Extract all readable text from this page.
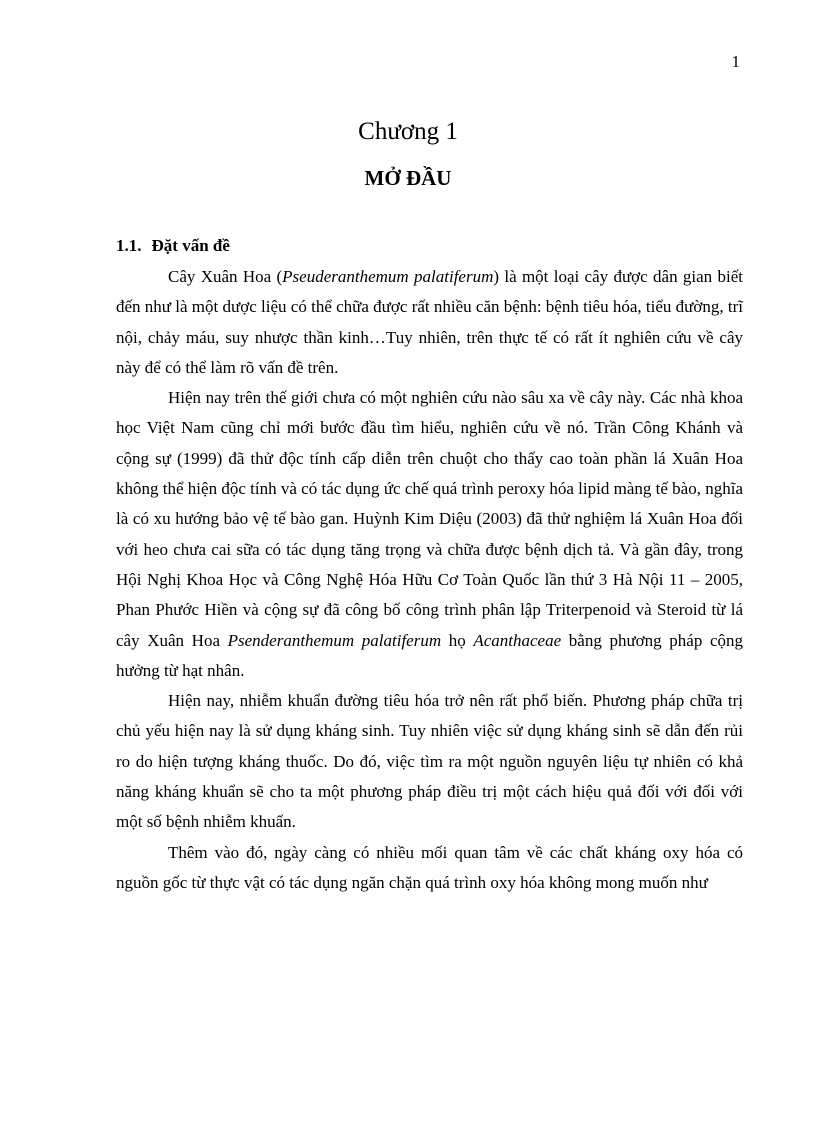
1
Chương 1
MỞ ĐẦU
1.1. Đặt vấn đề

Cây Xuân Hoa (Pseuderanthemum palatiferum) là một loại cây được dân gian biết đến như là một dược liệu có thể chữa được rất nhiều căn bệnh: bệnh tiêu hóa, tiểu đường, trĩ nội, chảy máu, suy nhược thần kinh…Tuy nhiên, trên thực tế có rất ít nghiên cứu về cây này để có thể làm rõ vấn đề trên.

Hiện nay trên thế giới chưa có một nghiên cứu nào sâu xa về cây này. Các nhà khoa học Việt Nam cũng chỉ mới bước đầu tìm hiểu, nghiên cứu về nó. Trần Công Khánh và cộng sự (1999) đã thử độc tính cấp diễn trên chuột cho thấy cao toàn phần lá Xuân Hoa không thể hiện độc tính và có tác dụng ức chế quá trình peroxy hóa lipid màng tế bào, nghĩa là có xu hướng bảo vệ tế bào gan. Huỳnh Kim Diệu (2003) đã thử nghiệm lá Xuân Hoa đối với heo chưa cai sữa có tác dụng tăng trọng và chữa được bệnh dịch tả. Và gần đây, trong Hội Nghị Khoa Học và Công Nghệ Hóa Hữu Cơ Toàn Quốc lần thứ 3 Hà Nội 11 – 2005, Phan Phước Hiền và cộng sự đã công bố công trình phân lập Triterpenoid và Steroid từ lá cây Xuân Hoa Psenderanthemum palatiferum họ Acanthaceae bằng phương pháp cộng hưởng từ hạt nhân.

Hiện nay, nhiễm khuẩn đường tiêu hóa trở nên rất phổ biến. Phương pháp chữa trị chủ yếu hiện nay là sử dụng kháng sinh. Tuy nhiên việc sử dụng kháng sinh sẽ dẫn đến rủi ro do hiện tượng kháng thuốc. Do đó, việc tìm ra một nguồn nguyên liệu tự nhiên có khả năng kháng khuẩn sẽ cho ta một phương pháp điều trị một cách hiệu quả đối với đối với một số bệnh nhiễm khuẩn.

Thêm vào đó, ngày càng có nhiều mối quan tâm về các chất kháng oxy hóa có nguồn gốc từ thực vật có tác dụng ngăn chặn quá trình oxy hóa không mong muốn như
